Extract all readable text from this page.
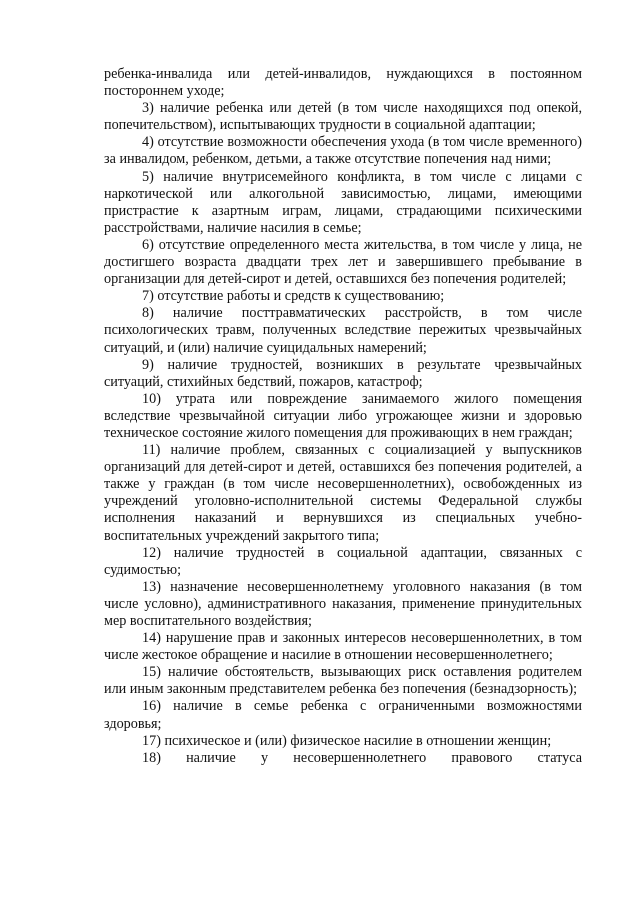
ребенка-инвалида или детей-инвалидов, нуждающихся в постоянном постороннем уходе;

3) наличие ребенка или детей (в том числе находящихся под опекой, попечительством), испытывающих трудности в социальной адаптации;

4) отсутствие возможности обеспечения ухода (в том числе временного) за инвалидом, ребенком, детьми, а также отсутствие попечения над ними;

5) наличие внутрисемейного конфликта, в том числе с лицами с наркотической или алкогольной зависимостью, лицами, имеющими пристрастие к азартным играм, лицами, страдающими психическими расстройствами, наличие насилия в семье;

6) отсутствие определенного места жительства, в том числе у лица, не достигшего возраста двадцати трех лет и завершившего пребывание в организации для детей-сирот и детей, оставшихся без попечения родителей;

7) отсутствие работы и средств к существованию;

8) наличие посттравматических расстройств, в том числе психологических травм, полученных вследствие пережитых чрезвычайных ситуаций, и (или) наличие суицидальных намерений;

9) наличие трудностей, возникших в результате чрезвычайных ситуаций, стихийных бедствий, пожаров, катастроф;

10) утрата или повреждение занимаемого жилого помещения вследствие чрезвычайной ситуации либо угрожающее жизни и здоровью техническое состояние жилого помещения для проживающих в нем граждан;

11) наличие проблем, связанных с социализацией у выпускников организаций для детей-сирот и детей, оставшихся без попечения родителей, а также у граждан (в том числе несовершеннолетних), освобожденных из учреждений уголовно-исполнительной системы Федеральной службы исполнения наказаний и вернувшихся из специальных учебно-воспитательных учреждений закрытого типа;

12) наличие трудностей в социальной адаптации, связанных с судимостью;

13) назначение несовершеннолетнему уголовного наказания (в том числе условно), административного наказания, применение принудительных мер воспитательного воздействия;

14) нарушение прав и законных интересов несовершеннолетних, в том числе жестокое обращение и насилие в отношении несовершеннолетнего;

15) наличие обстоятельств, вызывающих риск оставления родителем или иным законным представителем ребенка без попечения (безнадзорность);

16) наличие в семье ребенка с ограниченными возможностями здоровья;

17) психическое и (или) физическое насилие в отношении женщин;

18) наличие у несовершеннолетнего правового статуса
